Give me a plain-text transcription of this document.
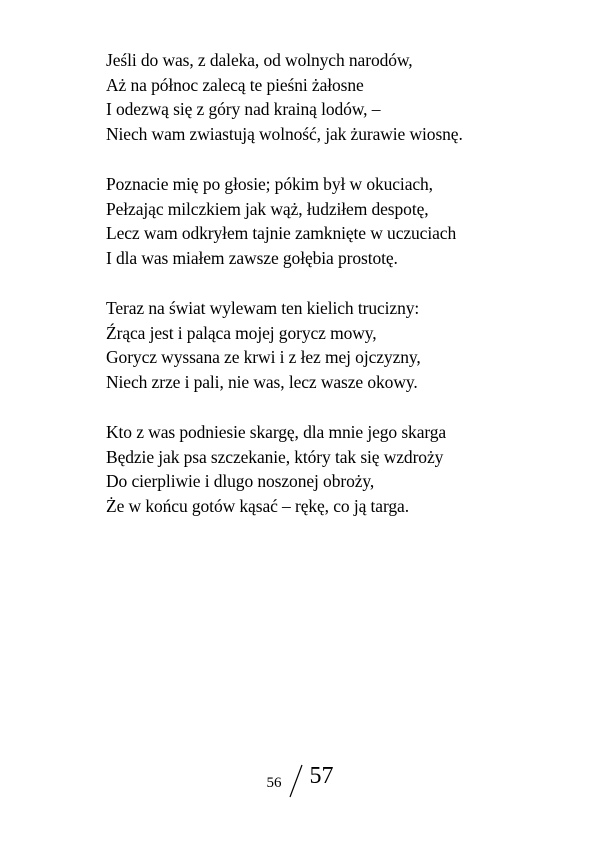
Jeśli do was, z daleka, od wolnych narodów,
Aż na północ zalecą te pieśni żałosne
I odezwą się z góry nad krainą lodów, –
Niech wam zwiastują wolność, jak żurawie wiosnę.
Poznacie mię po głosie; pókim był w okuciach,
Pełzając milczkiem jak wąż, łudziłem despotę,
Lecz wam odkryłem tajnie zamknięte w uczuciach
I dla was miałem zawsze gołębia prostotę.
Teraz na świat wylewam ten kielich trucizny:
Źrąca jest i paląca mojej gorycz mowy,
Gorycz wyssana ze krwi i z łez mej ojczyzny,
Niech zrze i pali, nie was, lecz wasze okowy.
Kto z was podniesie skargę, dla mnie jego skarga
Będzie jak psa szczekanie, który tak się wzdroży
Do cierpliwie i dlugo noszonej obroży,
Że w końcu gotów kąsać – rękę, co ją targa.
56 57
